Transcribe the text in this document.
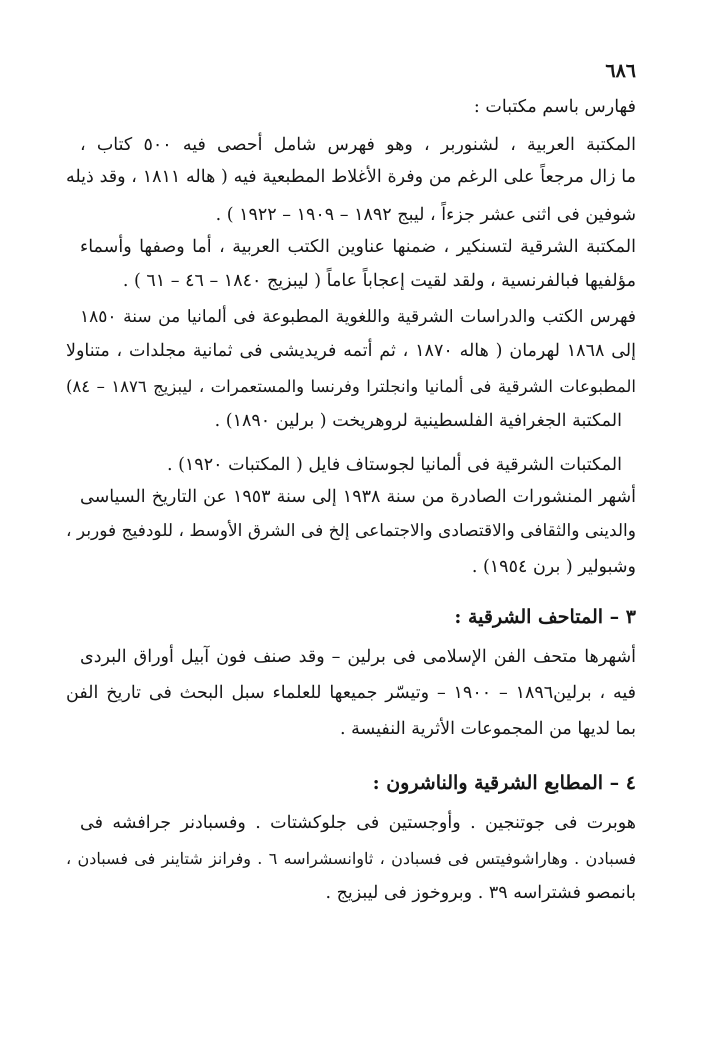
٦٨٦

فهارس باسم مكتبات :

المكتبة العربية ، لشنوربر ، وهو فهرس شامل أحصى فيه ٥٠٠ كتاب ،

ما زال مرجعاً على الرغم من وفرة الأغلاط المطبعية فيه ( هاله ١٨١١ ، وقد ذيله

شوفين فى اثنى عشر جزءاً ، ليبج ١٨٩٢ – ١٩٠٩ – ١٩٢٢ ) .

المكتبة الشرقية لتسنكير ، ضمنها عناوين الكتب العربية ، أما وصفها وأسماء

مؤلفيها فبالفرنسية ، ولقد لقيت إعجاباً عاماً ( ليبزيج ١٨٤٠ – ٤٦ – ٦١ ) .

فهرس الكتب والدراسات الشرقية واللغوية المطبوعة فى ألمانيا من سنة ١٨٥٠

إلى ١٨٦٨ لهرمان ( هاله ١٨٧٠ ، ثم أتمه فريديشى فى ثمانية مجلدات ، متناولا

المطبوعات الشرقية فى ألمانيا وانجلترا وفرنسا والمستعمرات ، ليبزيج ١٨٧٦ – ٨٤)

المكتبة الجغرافية الفلسطينية لروهريخت ( برلين ١٨٩٠) .

المكتبات الشرقية فى ألمانيا لجوستاف فايل ( المكتبات ١٩٢٠) .

أشهر المنشورات الصادرة من سنة ١٩٣٨ إلى سنة ١٩٥٣ عن التاريخ السياسى

والدينى والثقافى والاقتصادى والاجتماعى إلخ فى الشرق الأوسط ، للودفيج فوربر ،

وشبولير ( برن ١٩٥٤) .

٣ – المتاحف الشرقية :

أشهرها متحف الفن الإسلامى فى برلين – وقد صنف فون آبيل أوراق البردى

فيه ، برلين١٨٩٦ – ١٩٠٠ – وتيسّر جميعها للعلماء سبل البحث فى تاريخ الفن

بما لديها من المجموعات الأثرية النفيسة .

٤ – المطابع الشرقية والناشرون :

هوبرت فى جوتنجين . وأوجستين فى جلوكشتات . وفسبادنر جرافشه فى

فسبادن . وهاراشوفيتس فى فسبادن ، ثاوانسشراسه ٦ . وفرانز شتاينر فى فسبادن ،

بانمصو فشتراسه ٣٩ . وبروخوز فى ليبزيج .
